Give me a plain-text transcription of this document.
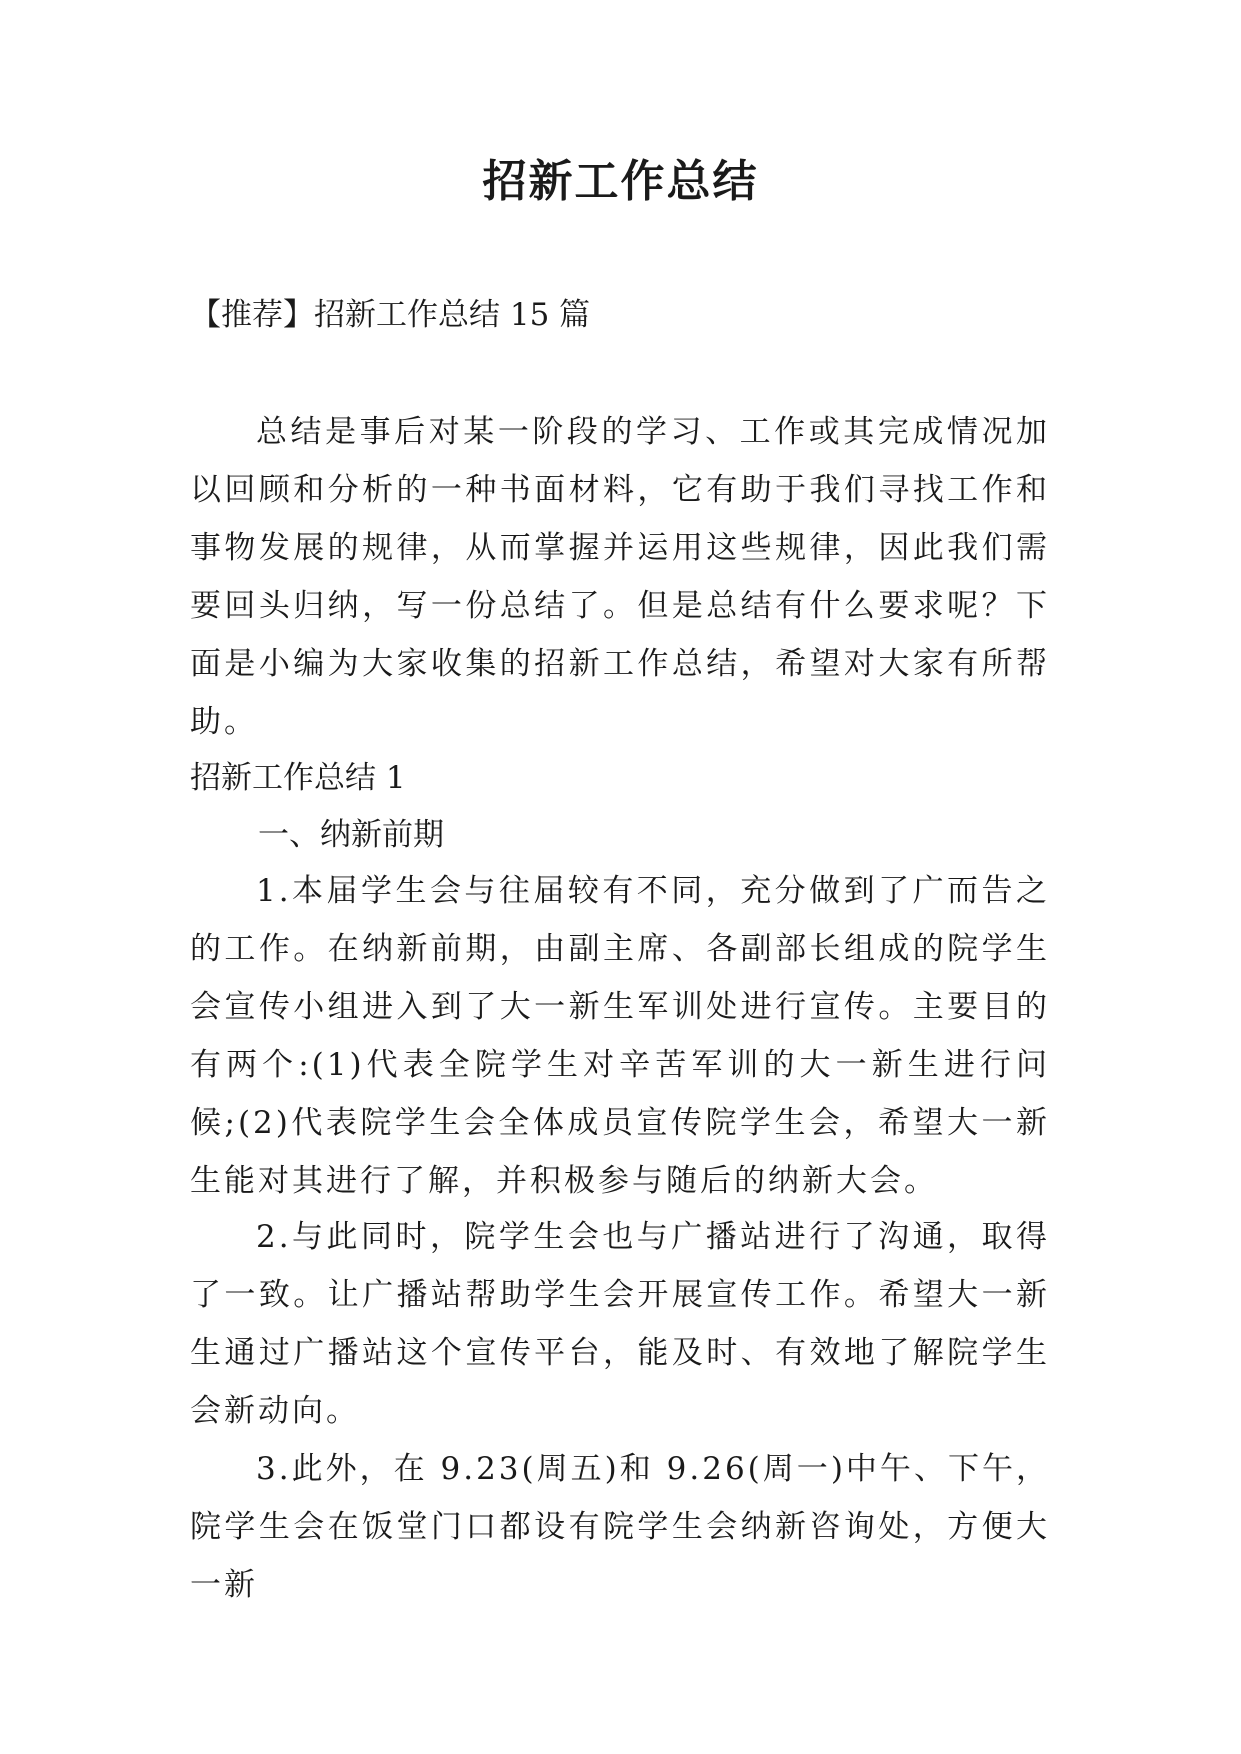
招新工作总结
【推荐】招新工作总结 15 篇

总结是事后对某一阶段的学习、工作或其完成情况加以回顾和分析的一种书面材料，它有助于我们寻找工作和事物发展的规律，从而掌握并运用这些规律，因此我们需要回头归纳，写一份总结了。但是总结有什么要求呢？下面是小编为大家收集的招新工作总结，希望对大家有所帮助。

招新工作总结 1
一、纳新前期

1.本届学生会与往届较有不同，充分做到了广而告之的工作。在纳新前期，由副主席、各副部长组成的院学生会宣传小组进入到了大一新生军训处进行宣传。主要目的有两个:(1)代表全院学生对辛苦军训的大一新生进行问候;(2)代表院学生会全体成员宣传院学生会，希望大一新生能对其进行了解，并积极参与随后的纳新大会。

2.与此同时，院学生会也与广播站进行了沟通，取得了一致。让广播站帮助学生会开展宣传工作。希望大一新生通过广播站这个宣传平台，能及时、有效地了解院学生会新动向。

3.此外，在 9.23(周五)和 9.26(周一)中午、下午，院学生会在饭堂门口都设有院学生会纳新咨询处，方便大一新
